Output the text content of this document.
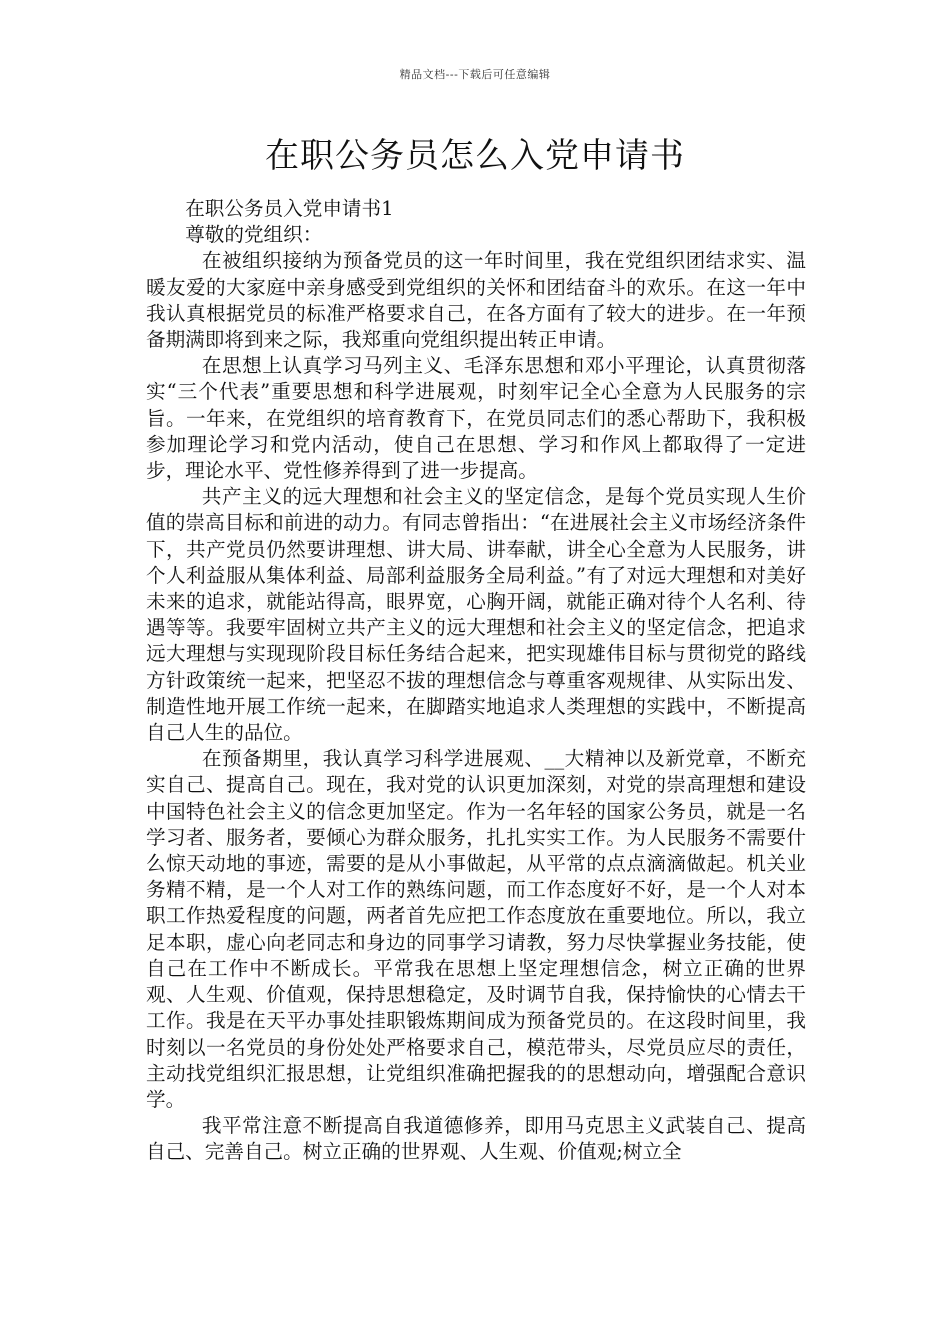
精品文档---下载后可任意编辑
在职公务员怎么入党申请书

在职公务员入党申请书1

尊敬的党组织：

在被组织接纳为预备党员的这一年时间里，我在党组织团结求实、温暖友爱的大家庭中亲身感受到党组织的关怀和团结奋斗的欢乐。在这一年中我认真根据党员的标准严格要求自己，在各方面有了较大的进步。在一年预备期满即将到来之际，我郑重向党组织提出转正申请。

在思想上认真学习马列主义、毛泽东思想和邓小平理论，认真贯彻落实“三个代表”重要思想和科学进展观，时刻牢记全心全意为人民服务的宗旨。一年来，在党组织的培育教育下，在党员同志们的悉心帮助下，我积极参加理论学习和党内活动，使自己在思想、学习和作风上都取得了一定进步，理论水平、党性修养得到了进一步提高。

共产主义的远大理想和社会主义的坚定信念，是每个党员实现人生价值的崇高目标和前进的动力。有同志曾指出：“在进展社会主义市场经济条件下，共产党员仍然要讲理想、讲大局、讲奉献，讲全心全意为人民服务，讲个人利益服从集体利益、局部利益服务全局利益。”有了对远大理想和对美好未来的追求，就能站得高，眼界宽，心胸开阔，就能正确对待个人名利、待遇等等。我要牢固树立共产主义的远大理想和社会主义的坚定信念，把追求远大理想与实现现阶段目标任务结合起来，把实现雄伟目标与贯彻党的路线方针政策统一起来，把坚忍不拔的理想信念与尊重客观规律、从实际出发、制造性地开展工作统一起来，在脚踏实地追求人类理想的实践中，不断提高自己人生的品位。

在预备期里，我认真学习科学进展观、__大精神以及新党章，不断充实自己、提高自己。现在，我对党的认识更加深刻，对党的崇高理想和建设中国特色社会主义的信念更加坚定。作为一名年轻的国家公务员，就是一名学习者、服务者，要倾心为群众服务，扎扎实实工作。为人民服务不需要什么惊天动地的事迹，需要的是从小事做起，从平常的点点滴滴做起。机关业务精不精，是一个人对工作的熟练问题，而工作态度好不好，是一个人对本职工作热爱程度的问题，两者首先应把工作态度放在重要地位。所以，我立足本职，虚心向老同志和身边的同事学习请教，努力尽快掌握业务技能，使自己在工作中不断成长。平常我在思想上坚定理想信念，树立正确的世界观、人生观、价值观，保持思想稳定，及时调节自我，保持愉快的心情去干工作。我是在天平办事处挂职锻炼期间成为预备党员的。在这段时间里，我时刻以一名党员的身份处处严格要求自己，模范带头，尽党员应尽的责任，主动找党组织汇报思想，让党组织准确把握我的的思想动向，增强配合意识学。

我平常注意不断提高自我道德修养，即用马克思主义武装自己、提高自己、完善自己。树立正确的世界观、人生观、价值观;树立全
